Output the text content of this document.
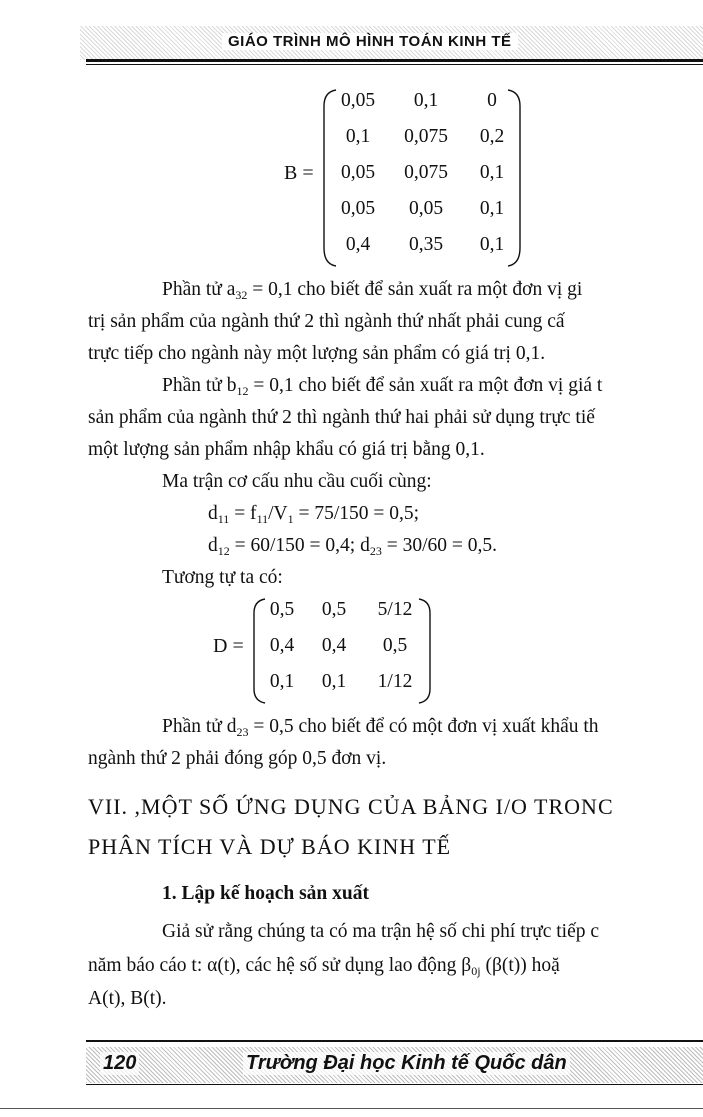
GIÁO TRÌNH MÔ HÌNH TOÁN KINH TẾ
B =
0,05	0,1	0
0,1	0,075	0,2
0,05	0,075	0,1
0,05	0,05	0,1
0,4	0,35	0,1
Phần tử $a_{32} = 0,1$ cho biết để sản xuất ra một đơn vị gi
trị sản phẩm của ngành thứ 2 thì ngành thứ nhất phải cung cấ
trực tiếp cho ngành này một lượng sản phẩm có giá trị 0,1.
Phần tử $b_{12} = 0,1$ cho biết để sản xuất ra một đơn vị giá t
sản phẩm của ngành thứ 2 thì ngành thứ hai phải sử dụng trực tiế
một lượng sản phẩm nhập khẩu có giá trị bằng 0,1.
Ma trận cơ cấu nhu cầu cuối cùng:
$d_{11} = f_{11}/V_1 = 75/150 = 0,5$;
$d_{12} = 60/150 = 0,4$; $d_{23} = 30/60 = 0,5$.
Tương tự ta có:
D =
0,5	0,5	5/12
0,4	0,4	0,5
0,1	0,1	1/12
Phần tử $d_{23} = 0,5$ cho biết để có một đơn vị xuất khẩu th
ngành thứ 2 phải đóng góp 0,5 đơn vị.
VII. ,MỘT SỐ ỨNG DỤNG CỦA BẢNG I/O TRONC
PHÂN TÍCH VÀ DỰ BÁO KINH TẾ
1. Lập kế hoạch sản xuất
Giả sử rằng chúng ta có ma trận hệ số chi phí trực tiếp c
năm báo cáo t: α(t), các hệ số sử dụng lao động $\beta_{0j}$ (β(t)) hoặ
A(t), B(t).
120	Trường Đại học Kinh tế Quốc dân
